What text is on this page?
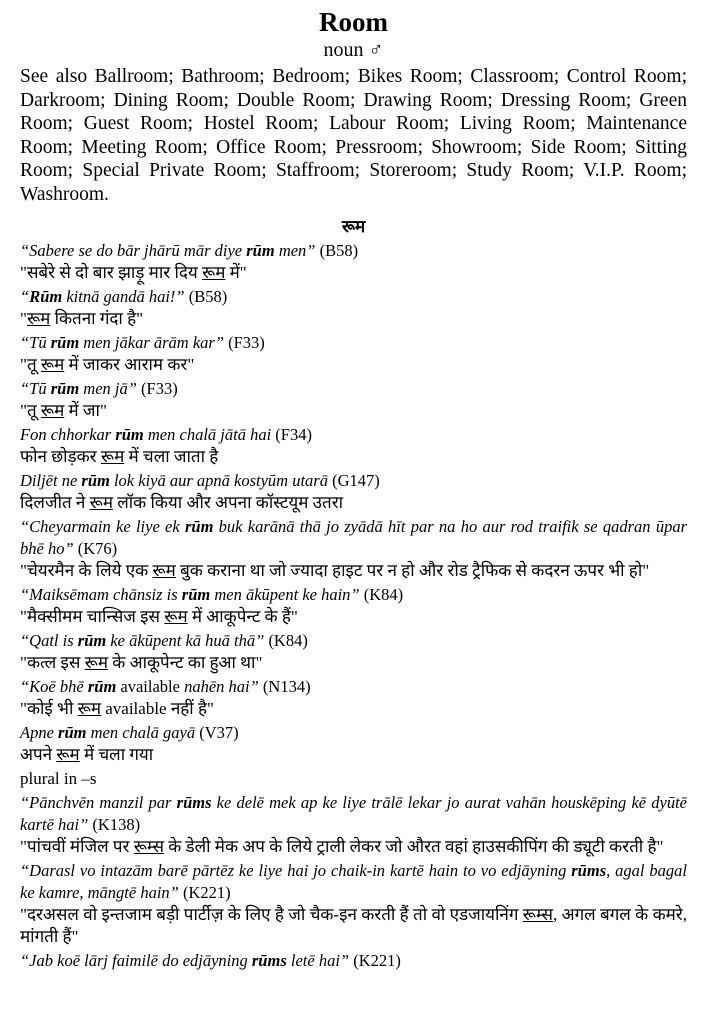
Room
noun ♂
See also Ballroom; Bathroom; Bedroom; Bikes Room; Classroom; Control Room; Darkroom; Dining Room; Double Room; Drawing Room; Dressing Room; Green Room; Guest Room; Hostel Room; Labour Room; Living Room; Maintenance Room; Meeting Room; Office Room; Pressroom; Showroom; Side Room; Sitting Room; Special Private Room; Staffroom; Storeroom; Study Room; V.I.P. Room; Washroom.
रूम
“Sabere se do bār jhārū mār diye rūm men” (B58)
"सबेरे से दो बार झाड़ू मार दिय रूम में"
“Rūm kitnā gandā hai!” (B58)
"रूम कितना गंदा है"
“Tū rūm men jākar ārām kar” (F33)
"तू रूम में जाकर आराम कर"
“Tū rūm men jā” (F33)
"तू रूम में जा"
Fon chhorkar rūm men chalā jātā hai (F34)
फोन छोड़कर रूम में चला जाता है
Diljēt ne rūm lok kiyā aur apnā kostyūm utarā (G147)
दिलजीत ने रूम लॉक किया और अपना कॉस्टयूम उतरा
“Cheyarmain ke liye ek rūm buk karānā thā jo zyādā hīt par na ho aur rod traifik se qadran ūpar bhē ho” (K76)
"चेयरमैन के लिये एक रूम बुक कराना था जो ज्यादा हाइट पर न हो और रोड ट्रैफिक से कदरन ऊपर भी हो"
“Maiksēmam chānsiz is rūm men ākūpent ke hain” (K84)
"मैक्सीमम चान्सिज इस रूम में आकूपेन्ट के हैं"
“Qatl is rūm ke ākūpent kā huā thā” (K84)
"कत्ल इस रूम के आकूपेन्ट का हुआ था"
“Koē bhē rūm available nahēn hai” (N134)
"कोई भी रूम available नहीं है"
Apne rūm men chalā gayā (V37)
अपने रूम में चला गया
plural in –s
“Pānchvēn manzil par rūms ke delē mek ap ke liye trālē lekar jo aurat vahān houskēping kē dyūtē kartē hai” (K138)
"पांचवीं मंजिल पर रूम्स के डेली मेक अप के लिये ट्राली लेकर जो औरत वहां हाउसकीपिंग की ड्यूटी करती है"
“Darasl vo intazām barē pārtēz ke liye hai jo chaik-in kartē hain to vo edjāyning rūms, agal bagal ke kamre, māngtē hain” (K221)
"दरअसल वो इन्तजाम बड़ी पार्टीज़ के लिए है जो चैक-इन करती हैं तो वो एडजायनिंग रूम्स, अगल बगल के कमरे, मांगती हैं"
“Jab koē lārj faimilē do edjāyning rūms letē hai” (K221)
